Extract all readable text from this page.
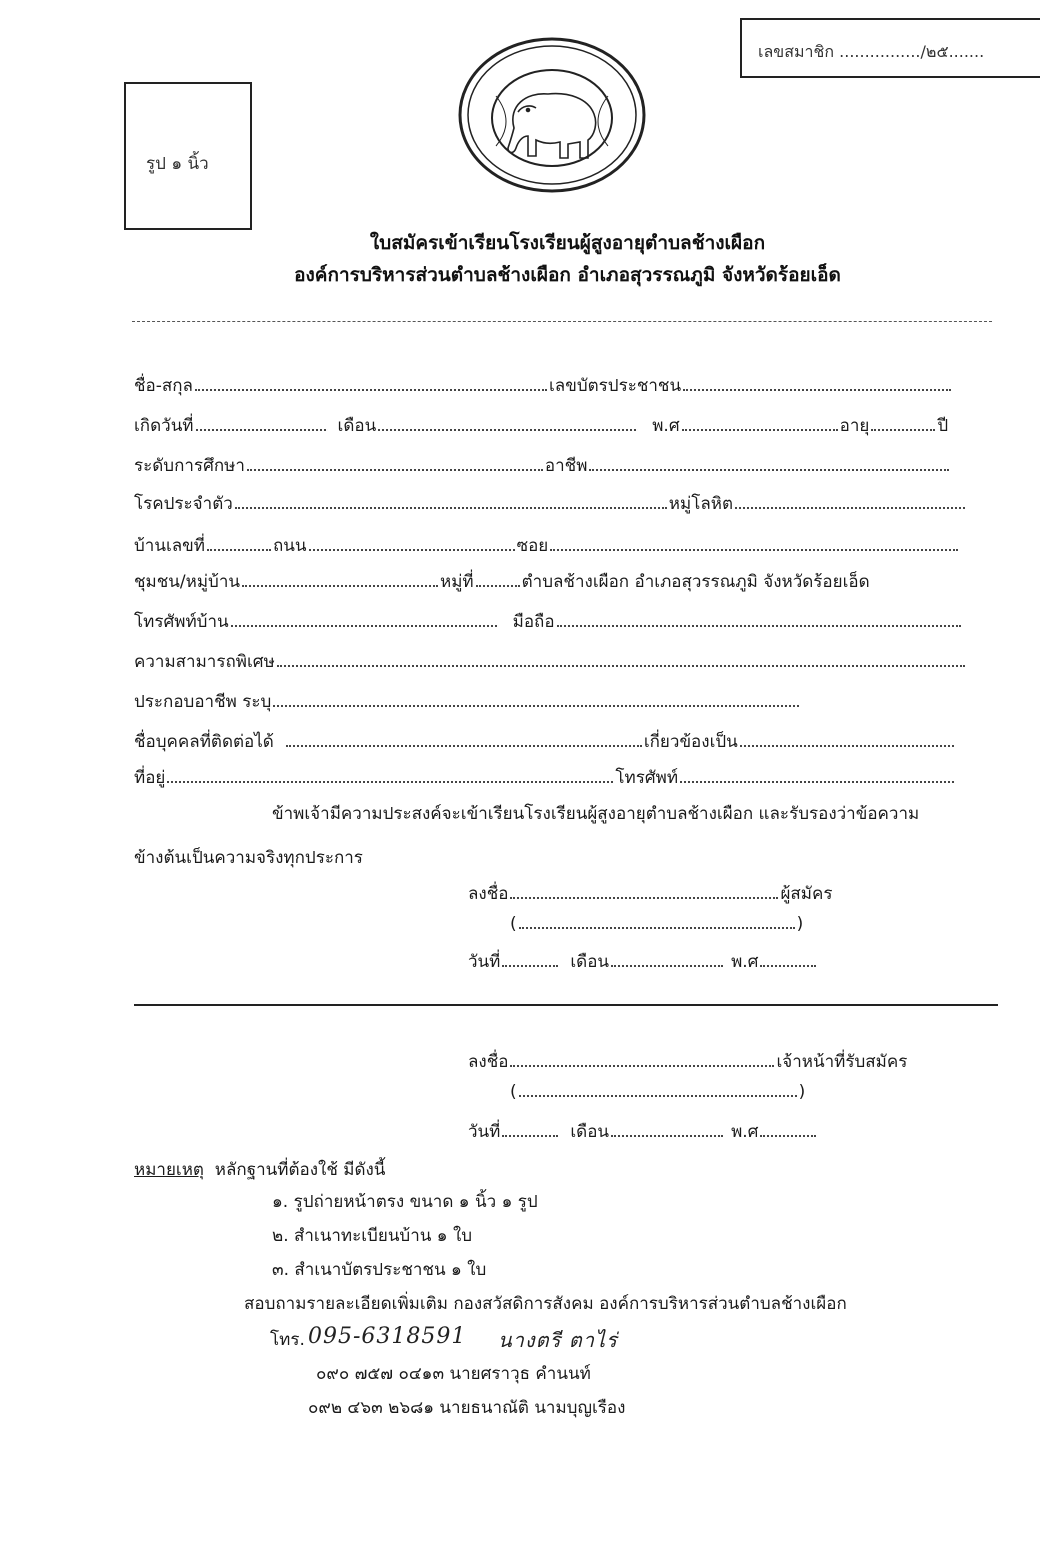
รูป ๑ นิ้ว
เลขสมาชิก ................/๒๕.......
ใบสมัครเข้าเรียนโรงเรียนผู้สูงอายุตำบลช้างเผือก
องค์การบริหารส่วนตำบลช้างเผือก อำเภอสุวรรณภูมิ จังหวัดร้อยเอ็ด
ชื่อ-สกุล	เลขบัตรประชาชน
เกิดวันที่	เดือน	พ.ศ	อายุ	ปี
ระดับการศึกษา	อาชีพ
โรคประจำตัว	หมู่โลหิต
บ้านเลขที่	ถนน	ซอย
ชุมชน/หมู่บ้าน	หมู่ที่	ตำบลช้างเผือก อำเภอสุวรรณภูมิ จังหวัดร้อยเอ็ด
โทรศัพท์บ้าน	มือถือ
ความสามารถพิเศษ
ประกอบอาชีพ ระบุ
ชื่อบุคคลที่ติดต่อได้	เกี่ยวข้องเป็น
ที่อยู่	โทรศัพท์
ข้าพเจ้ามีความประสงค์จะเข้าเรียนโรงเรียนผู้สูงอายุตำบลช้างเผือก และรับรองว่าข้อความ
ข้างต้นเป็นความจริงทุกประการ
ลงชื่อ	ผู้สมัคร
(	)
วันที่	เดือน	พ.ศ
ลงชื่อ	เจ้าหน้าที่รับสมัคร
(	)
วันที่	เดือน	พ.ศ
หมายเหตุ หลักฐานที่ต้องใช้ มีดังนี้
๑. รูปถ่ายหน้าตรง ขนาด ๑ นิ้ว ๑ รูป
๒. สำเนาทะเบียนบ้าน ๑ ใบ
๓. สำเนาบัตรประชาชน ๑ ใบ
สอบถามรายละเอียดเพิ่มเติม กองสวัสดิการสังคม องค์การบริหารส่วนตำบลช้างเผือก
โทร. 095-6318591 นางตรี ตาไร่
๐๙๐ ๗๕๗ ๐๔๑๓ นายศราวุธ คำนนท์
๐๙๒ ๔๖๓ ๒๖๘๑ นายธนาณัติ นามบุญเรือง
